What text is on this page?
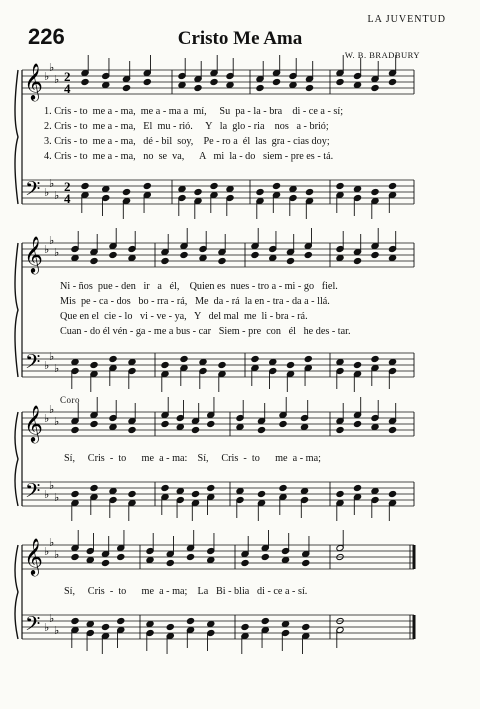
226	Cristo Me Ama
LA JUVENTUD
W. B. BRADBURY
𝄞
𝄢
♭
♭
♭
♭
♭
♭
2
4
2
4
𝄞
𝄢
♭
♭
♭
♭
♭
♭
𝄞
𝄢
♭
♭
♭
♭
♭
♭
𝄞
𝄢
♭
♭
♭
♭
♭
♭
1. Cris - to  me a - ma,  me a - ma a  mí,     Su  pa - la - bra    di - ce a - sí;
2. Cris - to  me a - ma,   El  mu - rió.     Y   la  glo - ria    nos   a - brió;
3. Cris - to  me a - ma,   dé - bil  soy,    Pe - ro a  él  las  gra - cias doy;
4. Cris - to  me a - ma,   no  se  va,      A   mi  la - do   siem - pre es - tá.
Ni - ños  pue - den   ir   a   él,    Quien es  nues - tro a - mi - go   fiel.
Mis  pe - ca - dos   bo - rra - rá,   Me  da - rá  la en - tra - da a - llá.
Que en el  cie - lo   vi - ve - ya,   Y   del mal  me  li - bra - rá.
Cuan - do él vén - ga - me a bus - car   Siem - pre  con   él   he des - tar.
Coro
Sí,     Cris  -  to      me  a - ma:    Sí,     Cris  -  to      me  a - ma;
Sí,     Cris  -  to      me  a - ma;    La   Bi - blia   di - ce a - sí.
